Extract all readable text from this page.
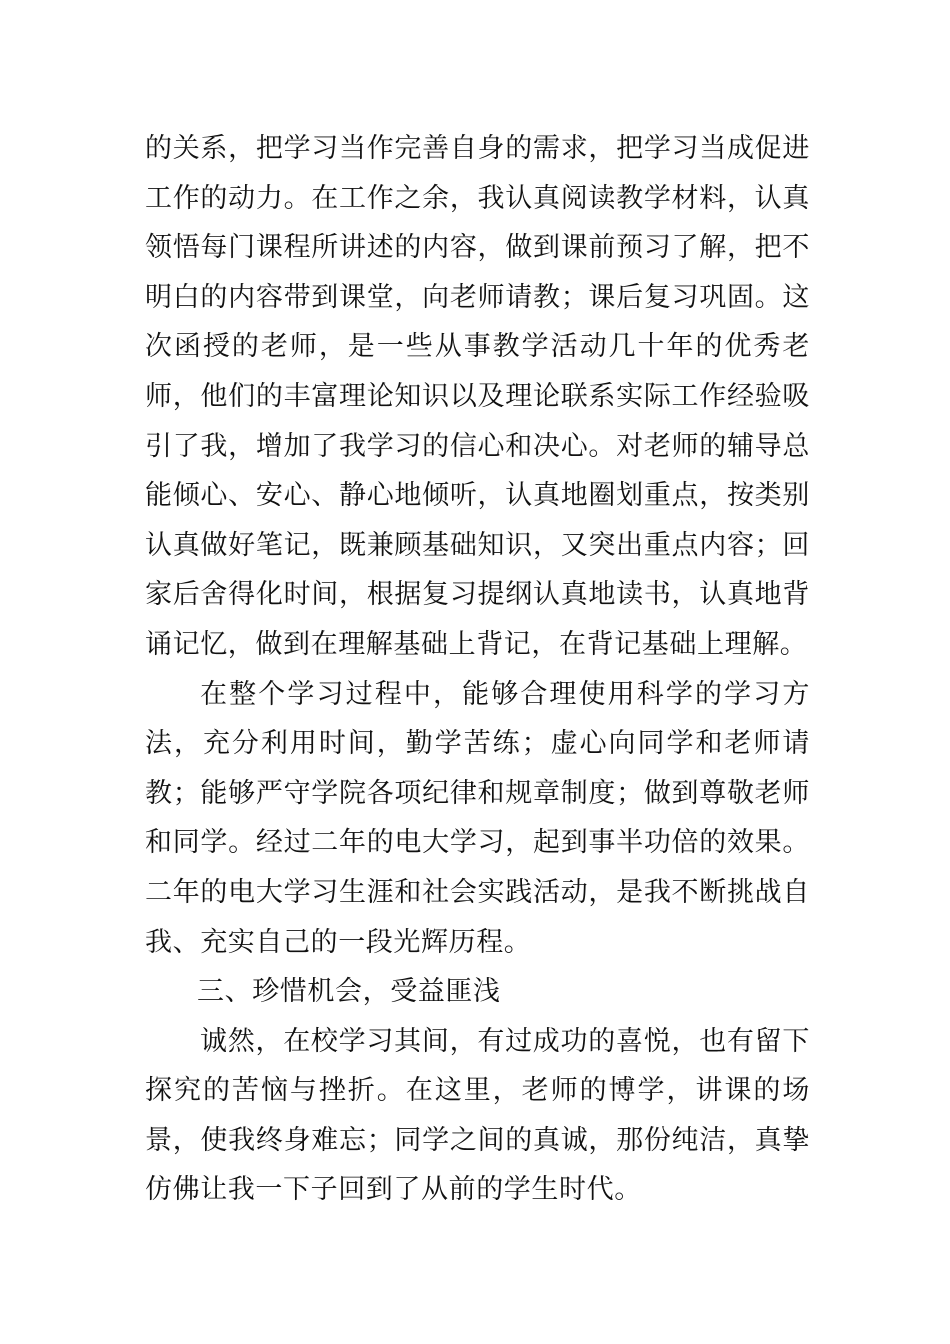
的关系，把学习当作完善自身的需求，把学习当成促进工作的动力。在工作之余，我认真阅读教学材料，认真领悟每门课程所讲述的内容，做到课前预习了解，把不明白的内容带到课堂，向老师请教；课后复习巩固。这次函授的老师，是一些从事教学活动几十年的优秀老师，他们的丰富理论知识以及理论联系实际工作经验吸引了我，增加了我学习的信心和决心。对老师的辅导总能倾心、安心、静心地倾听，认真地圈划重点，按类别认真做好笔记，既兼顾基础知识，又突出重点内容；回家后舍得化时间，根据复习提纲认真地读书，认真地背诵记忆，做到在理解基础上背记，在背记基础上理解。

在整个学习过程中，能够合理使用科学的学习方法，充分利用时间，勤学苦练；虚心向同学和老师请教；能够严守学院各项纪律和规章制度；做到尊敬老师和同学。经过二年的电大学习，起到事半功倍的效果。二年的电大学习生涯和社会实践活动，是我不断挑战自我、充实自己的一段光辉历程。

三、珍惜机会，受益匪浅

诚然，在校学习其间，有过成功的喜悦，也有留下探究的苦恼与挫折。在这里，老师的博学，讲课的场景，使我终身难忘；同学之间的真诚，那份纯洁，真挚仿佛让我一下子回到了从前的学生时代。
